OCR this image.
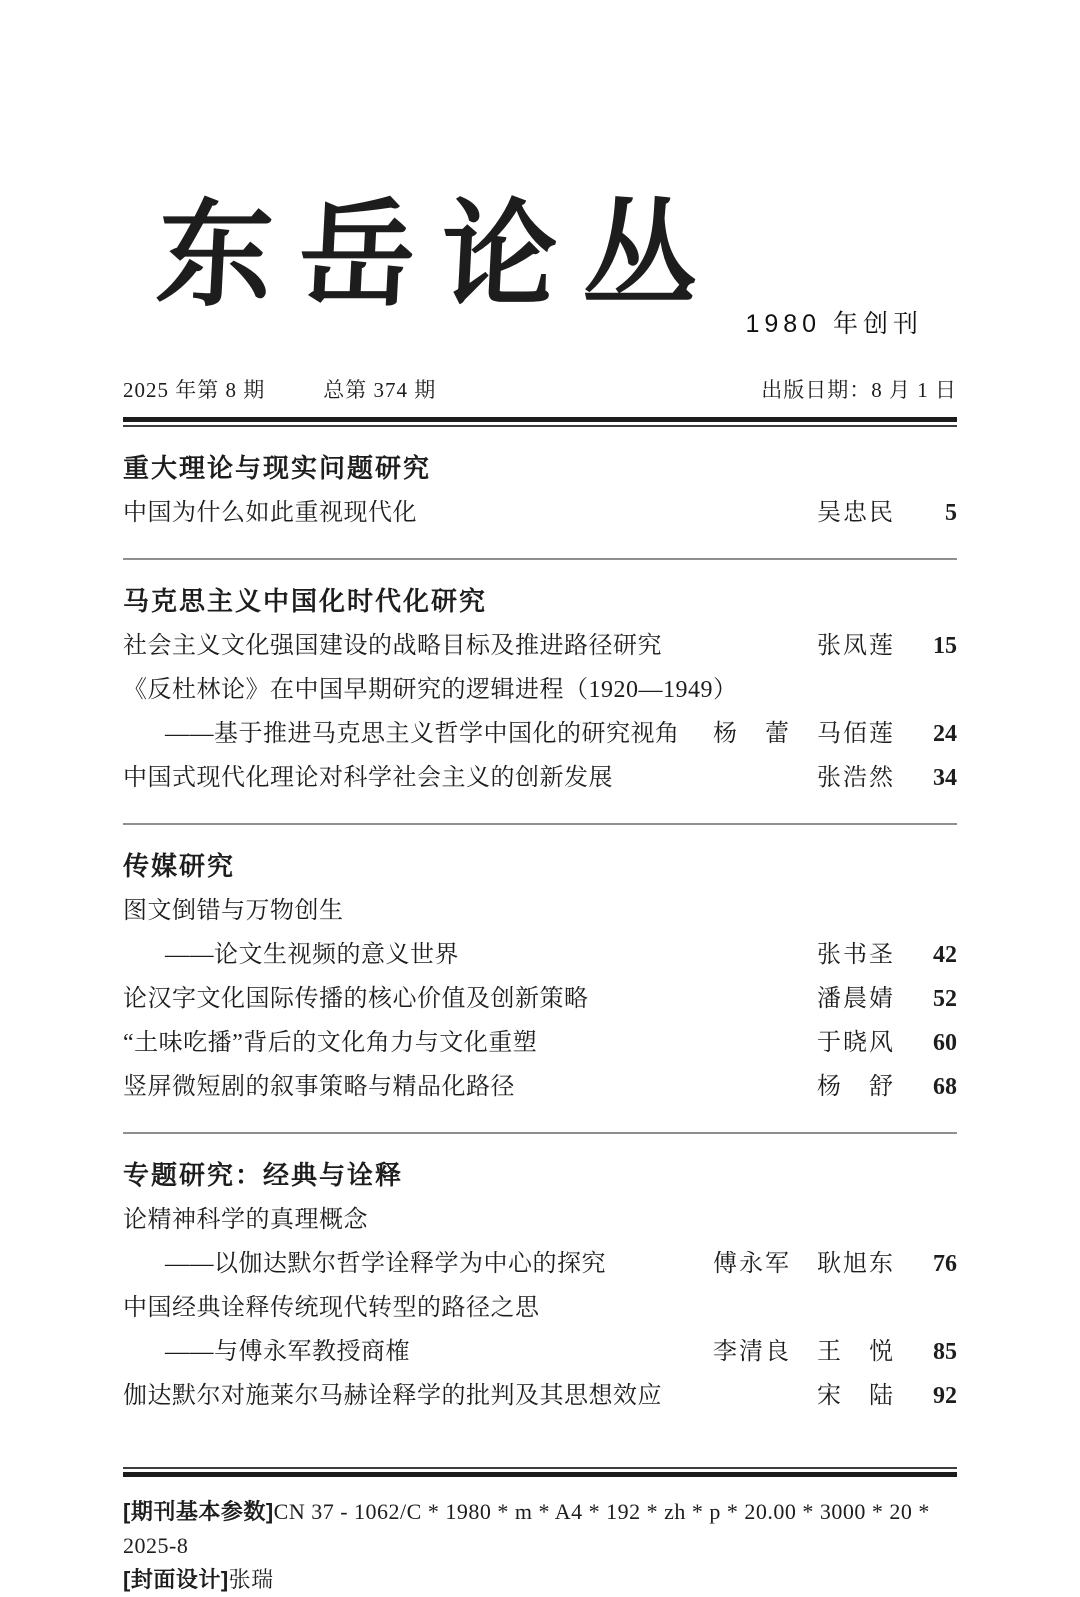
东岳论丛
1980 年创刊
2025 年第 8 期	总第 374 期	出版日期：8 月 1 日
重大理论与现实问题研究
中国为什么如此重视现代化	吴忠民	5
马克思主义中国化时代化研究
社会主义文化强国建设的战略目标及推进路径研究	张凤莲	15
《反杜林论》在中国早期研究的逻辑进程（1920—1949）
——基于推进马克思主义哲学中国化的研究视角	杨　蕾　马佰莲	24
中国式现代化理论对科学社会主义的创新发展	张浩然	34
传媒研究
图文倒错与万物创生
——论文生视频的意义世界	张书圣	42
论汉字文化国际传播的核心价值及创新策略	潘晨婧	52
“土味吃播”背后的文化角力与文化重塑	于晓风	60
竖屏微短剧的叙事策略与精品化路径	杨　舒	68
专题研究：经典与诠释
论精神科学的真理概念
——以伽达默尔哲学诠释学为中心的探究	傅永军　耿旭东	76
中国经典诠释传统现代转型的路径之思
——与傅永军教授商榷	李清良　王　悦	85
伽达默尔对施莱尔马赫诠释学的批判及其思想效应	宋　陆	92
[期刊基本参数]CN 37 - 1062/C * 1980 * m * A4 * 192 * zh * p * 20.00 * 3000 * 20 * 2025-8
[封面设计]张瑞
